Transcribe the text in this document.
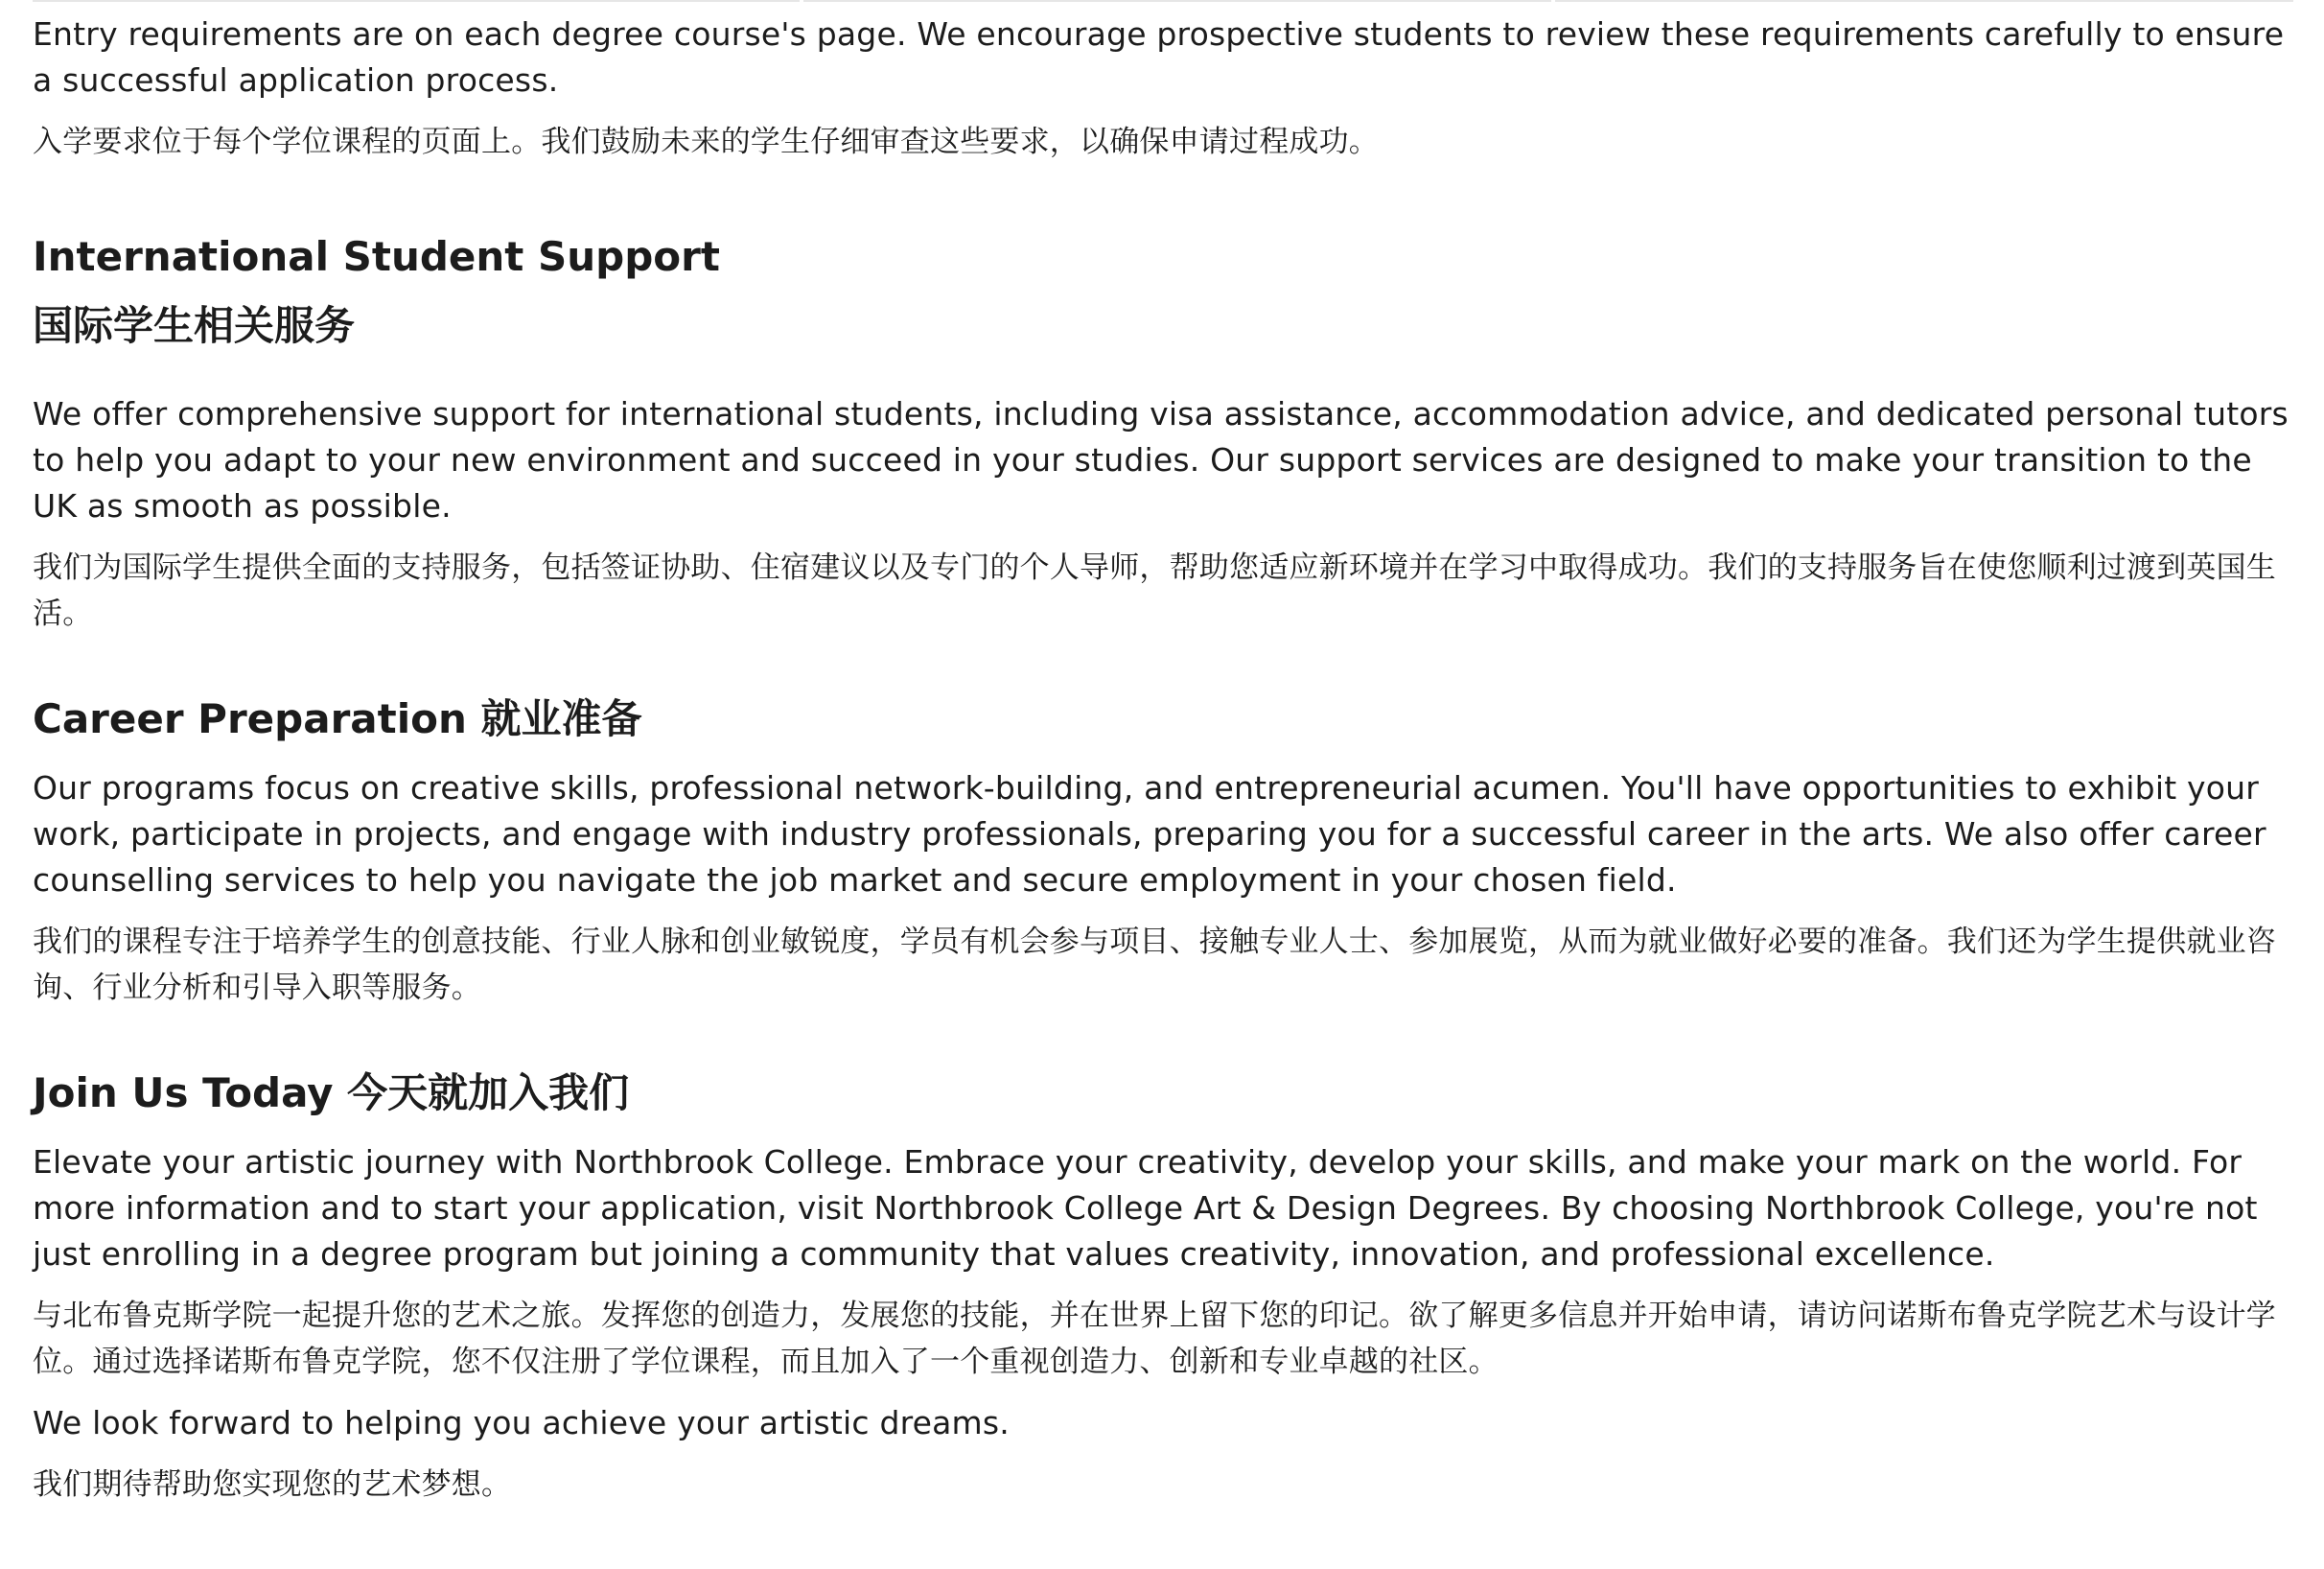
Entry requirements are on each degree course's page. We encourage prospective students to review these requirements carefully to ensure a successful application process.

入学要求位于每个学位课程的页面上。我们鼓励未来的学生仔细审查这些要求，以确保申请过程成功。

International Student Support
国际学生相关服务

We offer comprehensive support for international students, including visa assistance, accommodation advice, and dedicated personal tutors to help you adapt to your new environment and succeed in your studies. Our support services are designed to make your transition to the UK as smooth as possible.

我们为国际学生提供全面的支持服务，包括签证协助、住宿建议以及专门的个人导师，帮助您适应新环境并在学习中取得成功。我们的支持服务旨在使您顺利过渡到英国生活。

Career Preparation 就业准备

Our programs focus on creative skills, professional network-building, and entrepreneurial acumen. You'll have opportunities to exhibit your work, participate in projects, and engage with industry professionals, preparing you for a successful career in the arts. We also offer career counselling services to help you navigate the job market and secure employment in your chosen field.

我们的课程专注于培养学生的创意技能、行业人脉和创业敏锐度，学员有机会参与项目、接触专业人士、参加展览，从而为就业做好必要的准备。我们还为学生提供就业咨询、行业分析和引导入职等服务。

Join Us Today 今天就加入我们

Elevate your artistic journey with Northbrook College. Embrace your creativity, develop your skills, and make your mark on the world. For more information and to start your application, visit Northbrook College Art & Design Degrees. By choosing Northbrook College, you're not just enrolling in a degree program but joining a community that values creativity, innovation, and professional excellence.

与北布鲁克斯学院一起提升您的艺术之旅。发挥您的创造力，发展您的技能，并在世界上留下您的印记。欲了解更多信息并开始申请，请访问诺斯布鲁克学院艺术与设计学位。通过选择诺斯布鲁克学院，您不仅注册了学位课程，而且加入了一个重视创造力、创新和专业卓越的社区。

We look forward to helping you achieve your artistic dreams.

我们期待帮助您实现您的艺术梦想。
